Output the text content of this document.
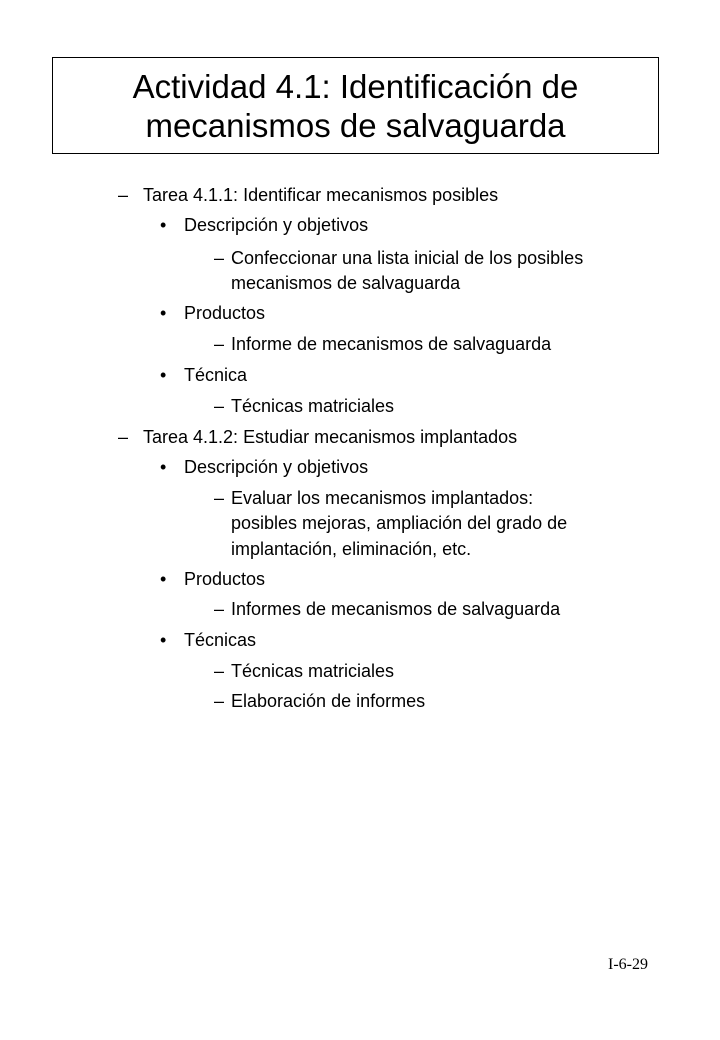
Actividad 4.1: Identificación de
mecanismos de salvaguarda
– Tarea 4.1.1: Identificar mecanismos posibles
• Descripción y objetivos
– Confeccionar una lista inicial de los posibles
mecanismos de salvaguarda
• Productos
– Informe de mecanismos de salvaguarda
• Técnica
– Técnicas matriciales
– Tarea 4.1.2: Estudiar mecanismos implantados
• Descripción y objetivos
– Evaluar los mecanismos implantados:
posibles mejoras, ampliación del grado de
implantación, eliminación, etc.
• Productos
– Informes de mecanismos de salvaguarda
• Técnicas
– Técnicas matriciales
– Elaboración de informes
I-6-29
